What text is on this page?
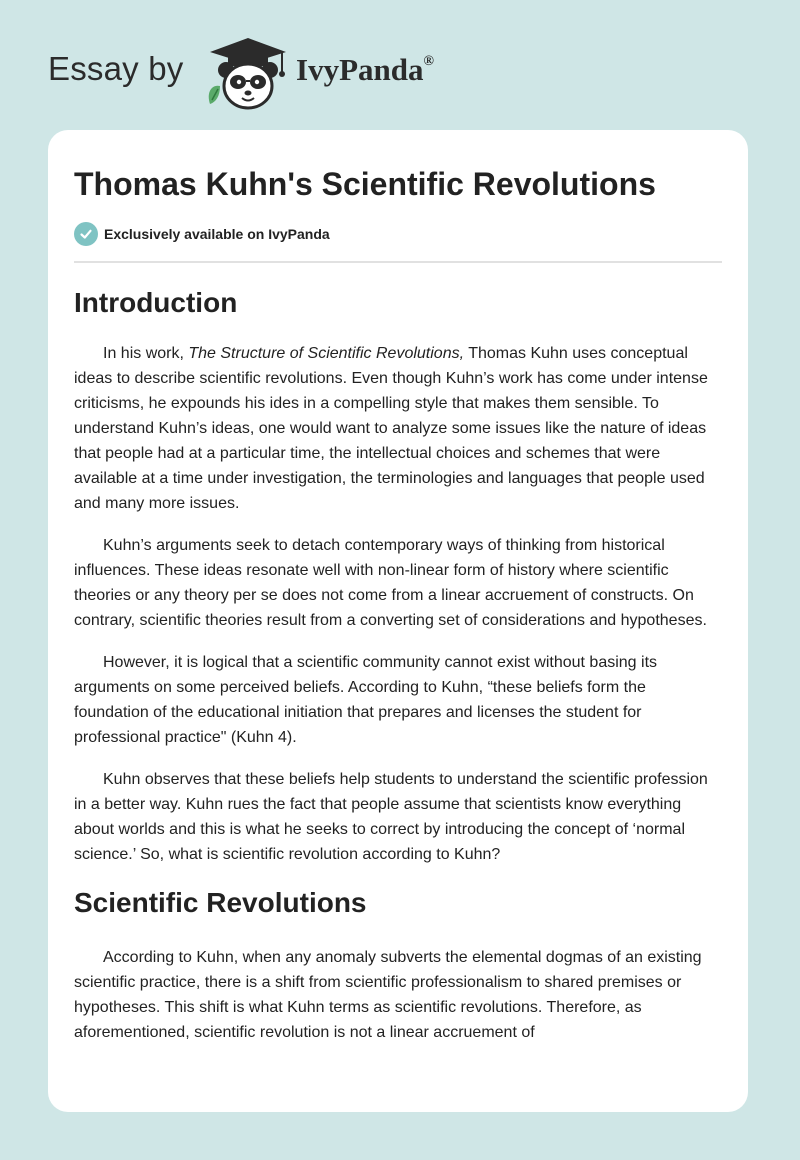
Essay by	IvyPanda®
Thomas Kuhn's Scientific Revolutions
Exclusively available on IvyPanda
Introduction

In his work, The Structure of Scientific Revolutions, Thomas Kuhn uses conceptual ideas to describe scientific revolutions. Even though Kuhn’s work has come under intense criticisms, he expounds his ides in a compelling style that makes them sensible. To understand Kuhn’s ideas, one would want to analyze some issues like the nature of ideas that people had at a particular time, the intellectual choices and schemes that were available at a time under investigation, the terminologies and languages that people used and many more issues.

Kuhn’s arguments seek to detach contemporary ways of thinking from historical influences. These ideas resonate well with non-linear form of history where scientific theories or any theory per se does not come from a linear accruement of constructs. On contrary, scientific theories result from a converting set of considerations and hypotheses.

However, it is logical that a scientific community cannot exist without basing its arguments on some perceived beliefs. According to Kuhn, “these beliefs form the foundation of the educational initiation that prepares and licenses the student for professional practice" (Kuhn 4).

Kuhn observes that these beliefs help students to understand the scientific profession in a better way. Kuhn rues the fact that people assume that scientists know everything about worlds and this is what he seeks to correct by introducing the concept of ‘normal science.’ So, what is scientific revolution according to Kuhn?

Scientific Revolutions

According to Kuhn, when any anomaly subverts the elemental dogmas of an existing scientific practice, there is a shift from scientific professionalism to shared premises or hypotheses. This shift is what Kuhn terms as scientific revolutions. Therefore, as aforementioned, scientific revolution is not a linear accruement of
